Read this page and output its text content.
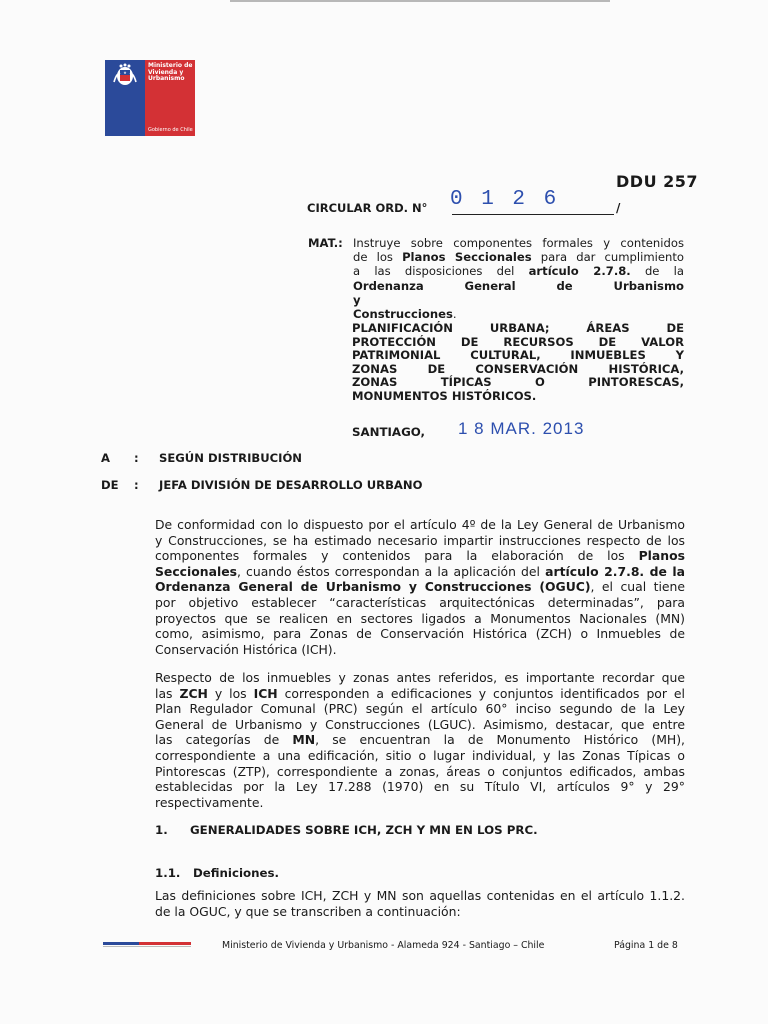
Ministerio de
Vivienda y
Urbanismo
Gobierno de Chile
DDU 257
CIRCULAR ORD. N° 0 1 2 6	/
MAT.: Instruye sobre componentes formales y contenidos
de los Planos Seccionales para dar cumplimiento
a las disposiciones del artículo 2.7.8. de la
Ordenanza General de Urbanismo y
Construcciones.
PLANIFICACIÓN URBANA; ÁREAS DE
PROTECCIÓN DE RECURSOS DE VALOR
PATRIMONIAL CULTURAL, INMUEBLES Y
ZONAS DE CONSERVACIÓN HISTÓRICA,
ZONAS TÍPICAS O PINTORESCAS,
MONUMENTOS HISTÓRICOS.
SANTIAGO, 1 8 MAR. 2013
A : SEGÚN DISTRIBUCIÓN
DE : JEFA DIVISIÓN DE DESARROLLO URBANO
De conformidad con lo dispuesto por el artículo 4º de la Ley General de Urbanismo
y Construcciones, se ha estimado necesario impartir instrucciones respecto de los
componentes formales y contenidos para la elaboración de los Planos
Seccionales, cuando éstos correspondan a la aplicación del artículo 2.7.8. de la
Ordenanza General de Urbanismo y Construcciones (OGUC), el cual tiene
por objetivo establecer “características arquitectónicas determinadas”, para
proyectos que se realicen en sectores ligados a Monumentos Nacionales (MN)
como, asimismo, para Zonas de Conservación Histórica (ZCH) o Inmuebles de
Conservación Histórica (ICH).
Respecto de los inmuebles y zonas antes referidos, es importante recordar que
las ZCH y los ICH corresponden a edificaciones y conjuntos identificados por el
Plan Regulador Comunal (PRC) según el artículo 60° inciso segundo de la Ley
General de Urbanismo y Construcciones (LGUC). Asimismo, destacar, que entre
las categorías de MN, se encuentran la de Monumento Histórico (MH),
correspondiente a una edificación, sitio o lugar individual, y las Zonas Típicas o
Pintorescas (ZTP), correspondiente a zonas, áreas o conjuntos edificados, ambas
establecidas por la Ley 17.288 (1970) en su Título VI, artículos 9° y 29°
respectivamente.
1. GENERALIDADES SOBRE ICH, ZCH Y MN EN LOS PRC.
1.1. Definiciones.
Las definiciones sobre ICH, ZCH y MN son aquellas contenidas en el artículo 1.1.2.
de la OGUC, y que se transcriben a continuación:
Ministerio de Vivienda y Urbanismo - Alameda 924 - Santiago – Chile	Página 1 de 8
